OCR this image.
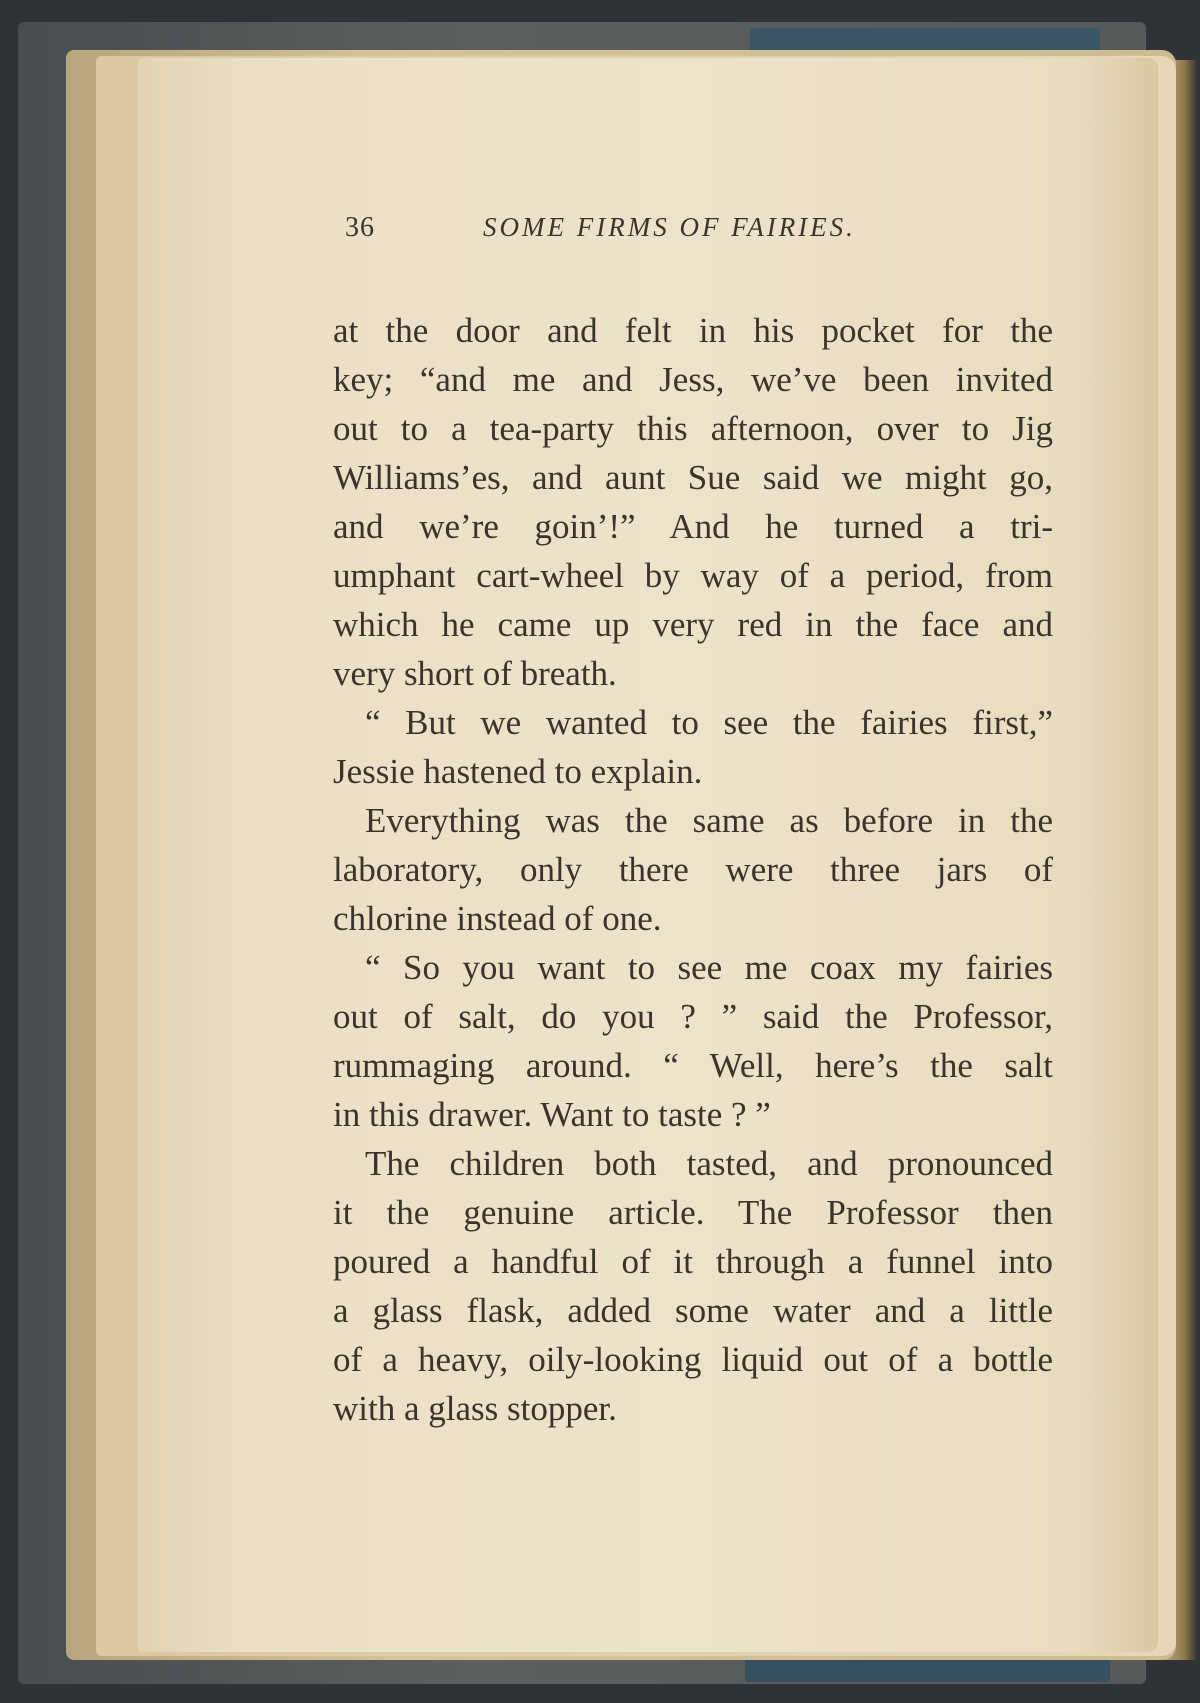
36	SOME FIRMS OF FAIRIES.
at the door and felt in his pocket for the
key; “and me and Jess, we’ve been invited
out to a tea-party this afternoon, over to Jig
Williams’es, and aunt Sue said we might go,
and we’re goin’!” And he turned a tri-
umphant cart-wheel by way of a period, from
which he came up very red in the face and
very short of breath.
“ But we wanted to see the fairies first,”
Jessie hastened to explain.
Everything was the same as before in the
laboratory, only there were three jars of
chlorine instead of one.
“ So you want to see me coax my fairies
out of salt, do you ? ” said the Professor,
rummaging around. “ Well, here’s the salt
in this drawer. Want to taste ? ”
The children both tasted, and pronounced
it the genuine article. The Professor then
poured a handful of it through a funnel into
a glass flask, added some water and a little
of a heavy, oily-looking liquid out of a bottle
with a glass stopper.
